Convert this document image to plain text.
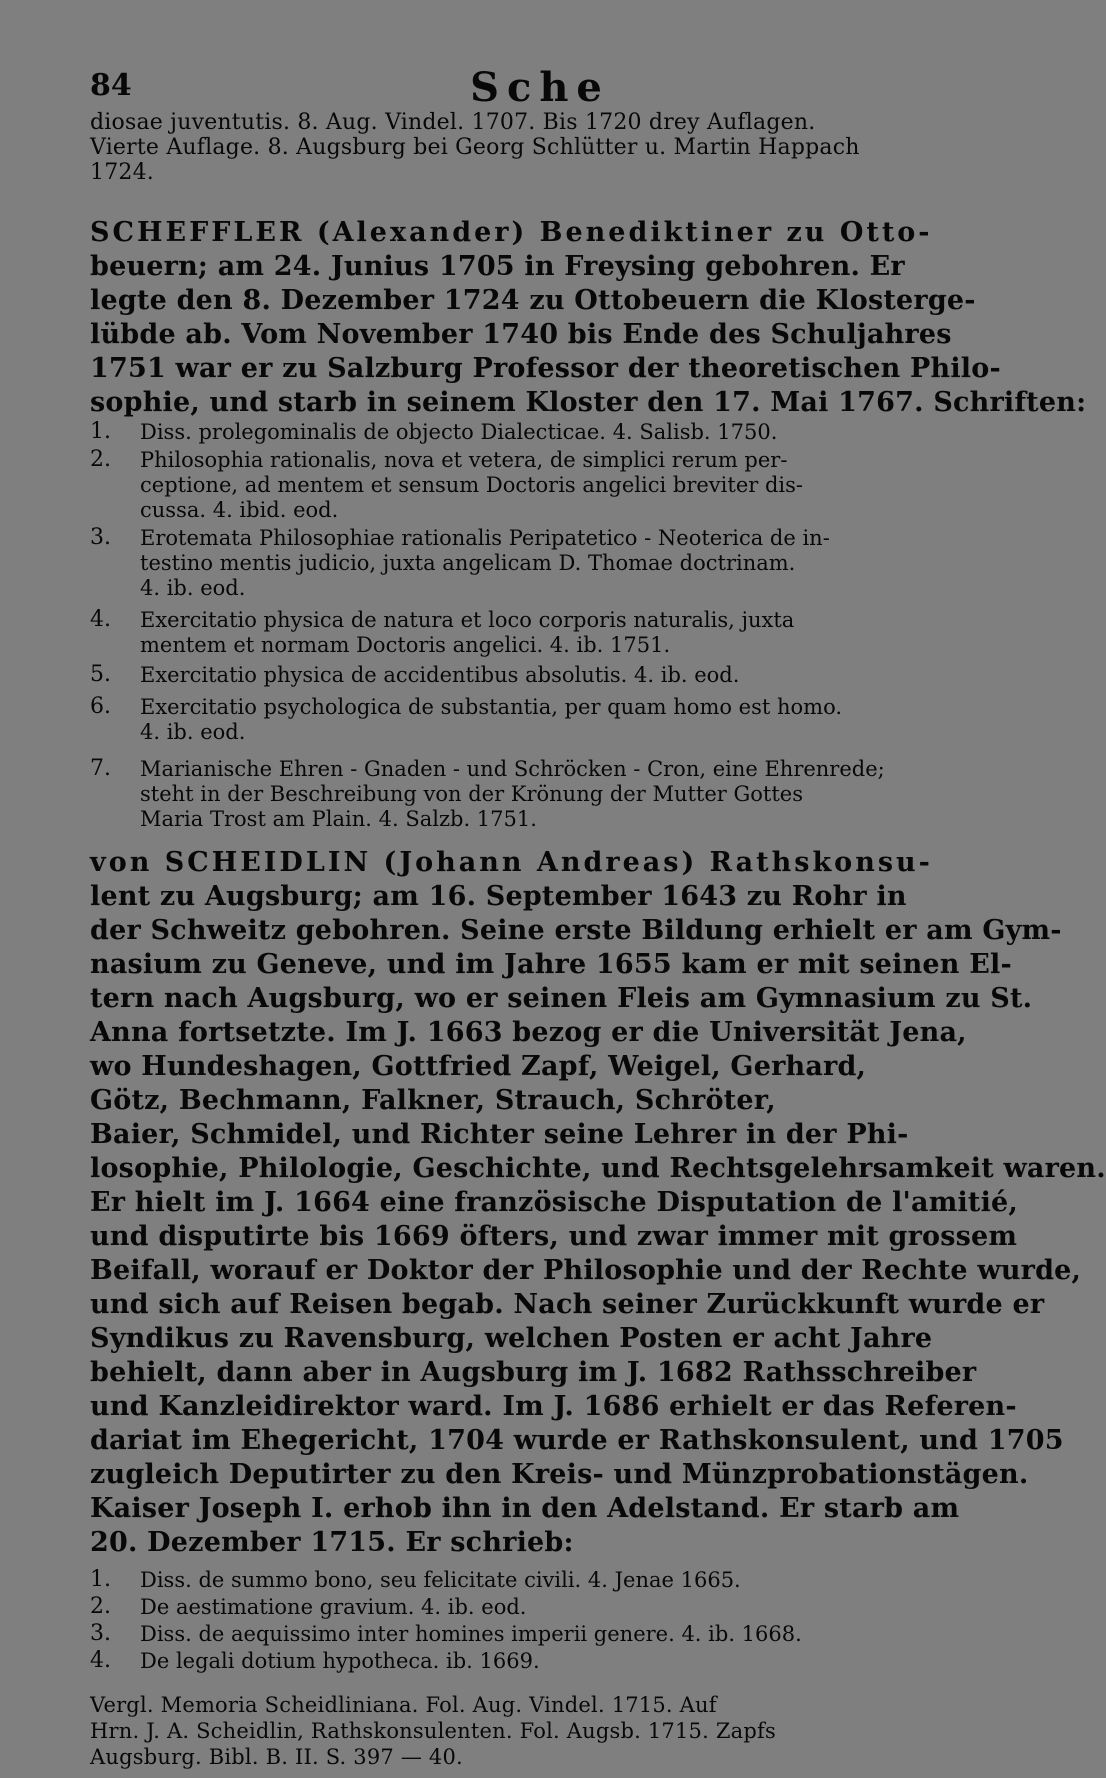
84	Sche

diosae juventutis. 8. Aug. Vindel. 1707. Bis 1720 drey Auflagen.

Vierte Auflage. 8. Augsburg bei Georg Schlütter u. Martin Happach

1724.

SCHEFFLER (Alexander) Benediktiner zu Otto-

beuern; am 24. Junius 1705 in Freysing gebohren. Er

legte den 8. Dezember 1724 zu Ottobeuern die Klosterge-

lübde ab. Vom November 1740 bis Ende des Schuljahres

1751 war er zu Salzburg Professor der theoretischen Philo-

sophie, und starb in seinem Kloster den 17. Mai 1767. Schriften:

1. Diss. prolegominalis de objecto Dialecticae. 4. Salisb. 1750.

2. Philosophia rationalis, nova et vetera, de simplici rerum per-

ceptione, ad mentem et sensum Doctoris angelici breviter dis-

cussa. 4. ibid. eod.

3. Erotemata Philosophiae rationalis Peripatetico - Neoterica de in-

testino mentis judicio, juxta angelicam D. Thomae doctrinam.

4. ib. eod.

4. Exercitatio physica de natura et loco corporis naturalis, juxta

mentem et normam Doctoris angelici. 4. ib. 1751.

5. Exercitatio physica de accidentibus absolutis. 4. ib. eod.

6. Exercitatio psychologica de substantia, per quam homo est homo.

4. ib. eod.

7. Marianische Ehren - Gnaden - und Schröcken - Cron, eine Ehrenrede;

steht in der Beschreibung von der Krönung der Mutter Gottes

Maria Trost am Plain. 4. Salzb. 1751.

von SCHEIDLIN (Johann Andreas) Rathskonsu-

lent zu Augsburg; am 16. September 1643 zu Rohr in

der Schweitz gebohren. Seine erste Bildung erhielt er am Gym-

nasium zu Geneve, und im Jahre 1655 kam er mit seinen El-

tern nach Augsburg, wo er seinen Fleis am Gymnasium zu St.

Anna fortsetzte. Im J. 1663 bezog er die Universität Jena,

wo Hundeshagen, Gottfried Zapf, Weigel, Gerhard,

Götz, Bechmann, Falkner, Strauch, Schröter,

Baier, Schmidel, und Richter seine Lehrer in der Phi-

losophie, Philologie, Geschichte, und Rechtsgelehrsamkeit waren.

Er hielt im J. 1664 eine französische Disputation de l'amitié,

und disputirte bis 1669 öfters, und zwar immer mit grossem

Beifall, worauf er Doktor der Philosophie und der Rechte wurde,

und sich auf Reisen begab. Nach seiner Zurückkunft wurde er

Syndikus zu Ravensburg, welchen Posten er acht Jahre

behielt, dann aber in Augsburg im J. 1682 Rathsschreiber

und Kanzleidirektor ward. Im J. 1686 erhielt er das Referen-

dariat im Ehegericht, 1704 wurde er Rathskonsulent, und 1705

zugleich Deputirter zu den Kreis- und Münzprobationstägen.

Kaiser Joseph I. erhob ihn in den Adelstand. Er starb am

20. Dezember 1715. Er schrieb:

1. Diss. de summo bono, seu felicitate civili. 4. Jenae 1665.

2. De aestimatione gravium. 4. ib. eod.

3. Diss. de aequissimo inter homines imperii genere. 4. ib. 1668.

4. De legali dotium hypotheca. ib. 1669.

Vergl. Memoria Scheidliniana. Fol. Aug. Vindel. 1715. Auf

Hrn. J. A. Scheidlin, Rathskonsulenten. Fol. Augsb. 1715. Zapfs

Augsburg. Bibl. B. II. S. 397 — 40.
